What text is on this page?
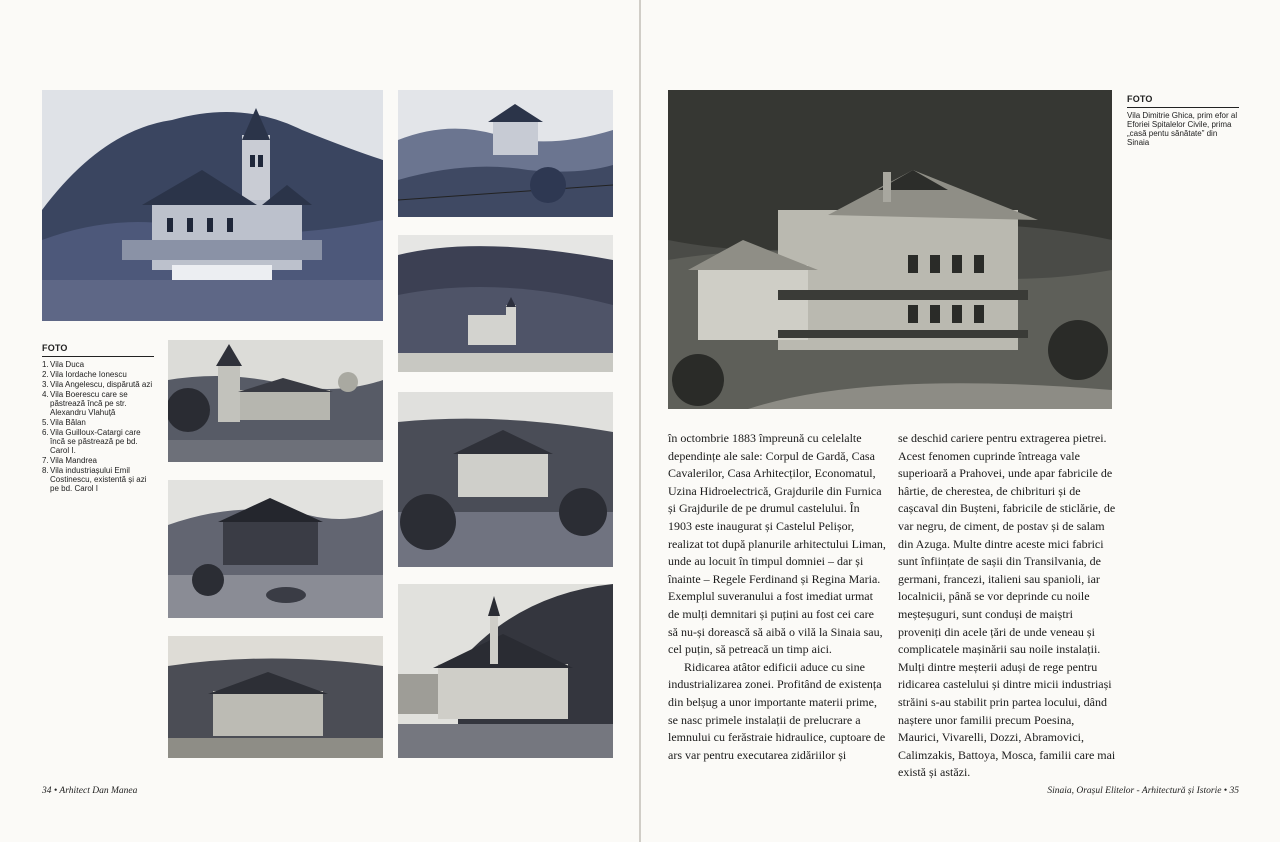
FOTO
1. Vila Duca
2. Vila Iordache Ionescu
3. Vila Angelescu, dispărută azi
4. Vila Boerescu care se păstrează încă pe str. Alexandru Vlahuță
5. Vila Bălan
6. Vila Guilloux-Catargi care încă se păstrează pe bd. Carol I.
7. Vila Mandrea
8. Vila industriașului Emil Costinescu, existentă și azi pe bd. Carol I
34 • Arhitect Dan Manea
FOTO
Vila Dimitrie Ghica, prim efor al Eforiei Spitalelor Civile, prima „casă pentu sănătate” din Sinaia

în octombrie 1883 împreună cu celelalte dependințe ale sale: Corpul de Gardă, Casa Cavalerilor, Casa Arhitecților, Economatul, Uzina Hidroelectrică, Grajdurile din Furnica și Grajdurile de pe drumul castelului. În 1903 este inaugurat și Castelul Pelișor, realizat tot după planurile arhitectului Liman, unde au locuit în timpul domniei – dar și înainte – Regele Ferdinand și Regina Maria. Exemplul suveranului a fost imediat urmat de mulți demnitari și puțini au fost cei care să nu-și dorească să aibă o vilă la Sinaia sau, cel puțin, să petreacă un timp aici.

Ridicarea atâtor edificii aduce cu sine industrializarea zonei. Profitând de existența din belșug a unor importante materii prime, se nasc primele instalații de prelucrare a lemnului cu ferăstraie hidraulice, cuptoare de ars var pentru executarea zidăriilor și

se deschid cariere pentru extragerea pietrei. Acest fenomen cuprinde întreaga vale superioară a Prahovei, unde apar fabricile de hârtie, de cherestea, de chibrituri și de cașcaval din Bușteni, fabricile de sticlărie, de var negru, de ciment, de postav și de salam din Azuga. Multe dintre aceste mici fabrici sunt înființate de sașii din Transilvania, de germani, francezi, italieni sau spanioli, iar localnicii, până se vor deprinde cu noile meșteșuguri, sunt conduși de maiștri proveniți din acele țări de unde veneau și complicatele mașinării sau noile instalații. Mulți dintre meșterii aduși de rege pentru ridicarea castelului și dintre micii industriași străini s-au stabilit prin partea locului, dând naștere unor familii precum Poesina, Maurici, Vivarelli, Dozzi, Abramovici, Calimzakis, Battoya, Mosca, familii care mai există și astăzi.

Sinaia, Orașul Elitelor - Arhitectură și Istorie • 35
